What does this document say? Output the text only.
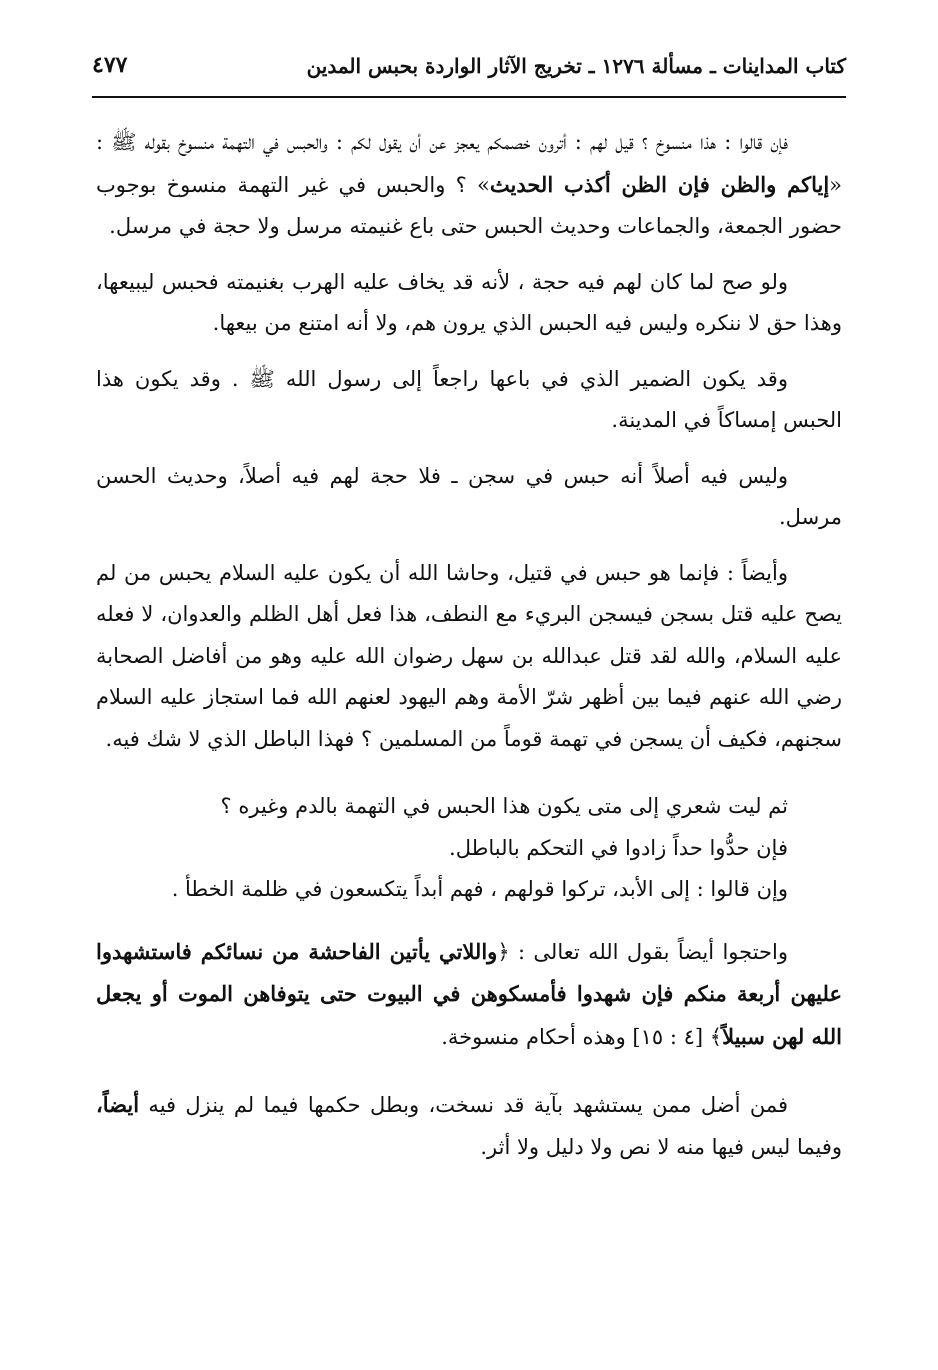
كتاب المداينات ـ مسألة ١٢٧٦ ـ تخريج الآثار الواردة بحبس المدين
٤٧٧

فإن قالوا : هذا منسوخ ؟ قيل لهم : أترون خصمكم يعجز عن أن يقول لكم : والحبس في التهمة منسوخ بقوله ﷺ : «إياكم والظن فإن الظن أكذب الحديث» ؟ والحبس في غير التهمة منسوخ بوجوب حضور الجمعة، والجماعات وحديث الحبس حتى باع غنيمته مرسل ولا حجة في مرسل.

ولو صح لما كان لهم فيه حجة ، لأنه قد يخاف عليه الهرب بغنيمته فحبس ليبيعها، وهذا حق لا ننكره وليس فيه الحبس الذي يرون هم، ولا أنه امتنع من بيعها.

وقد يكون الضمير الذي في باعها راجعاً إلى رسول الله ﷺ . وقد يكون هذا الحبس إمساكاً في المدينة.

وليس فيه أصلاً أنه حبس في سجن ـ فلا حجة لهم فيه أصلاً، وحديث الحسن مرسل.

وأيضاً : فإنما هو حبس في قتيل، وحاشا الله أن يكون عليه السلام يحبس من لم يصح عليه قتل بسجن فيسجن البريء مع النطف، هذا فعل أهل الظلم والعدوان، لا فعله عليه السلام، والله لقد قتل عبدالله بن سهل رضوان الله عليه وهو من أفاضل الصحابة رضي الله عنهم فيما بين أظهر شرّ الأمة وهم اليهود لعنهم الله فما استجاز عليه السلام سجنهم، فكيف أن يسجن في تهمة قوماً من المسلمين ؟ فهذا الباطل الذي لا شك فيه.

ثم ليت شعري إلى متى يكون هذا الحبس في التهمة بالدم وغيره ؟
فإن حدُّوا حداً زادوا في التحكم بالباطل.
وإن قالوا : إلى الأبد، تركوا قولهم ، فهم أبداً يتكسعون في ظلمة الخطأ .

واحتجوا أيضاً بقول الله تعالى : ﴿واللاتي يأتين الفاحشة من نسائكم فاستشهدوا عليهن أربعة منكم فإن شهدوا فأمسكوهن في البيوت حتى يتوفاهن الموت أو يجعل الله لهن سبيلاً﴾ [٤ : ١٥] وهذه أحكام منسوخة.

فمن أضل ممن يستشهد بآية قد نسخت، وبطل حكمها فيما لم ينزل فيه أيضاً، وفيما ليس فيها منه لا نص ولا دليل ولا أثر.
